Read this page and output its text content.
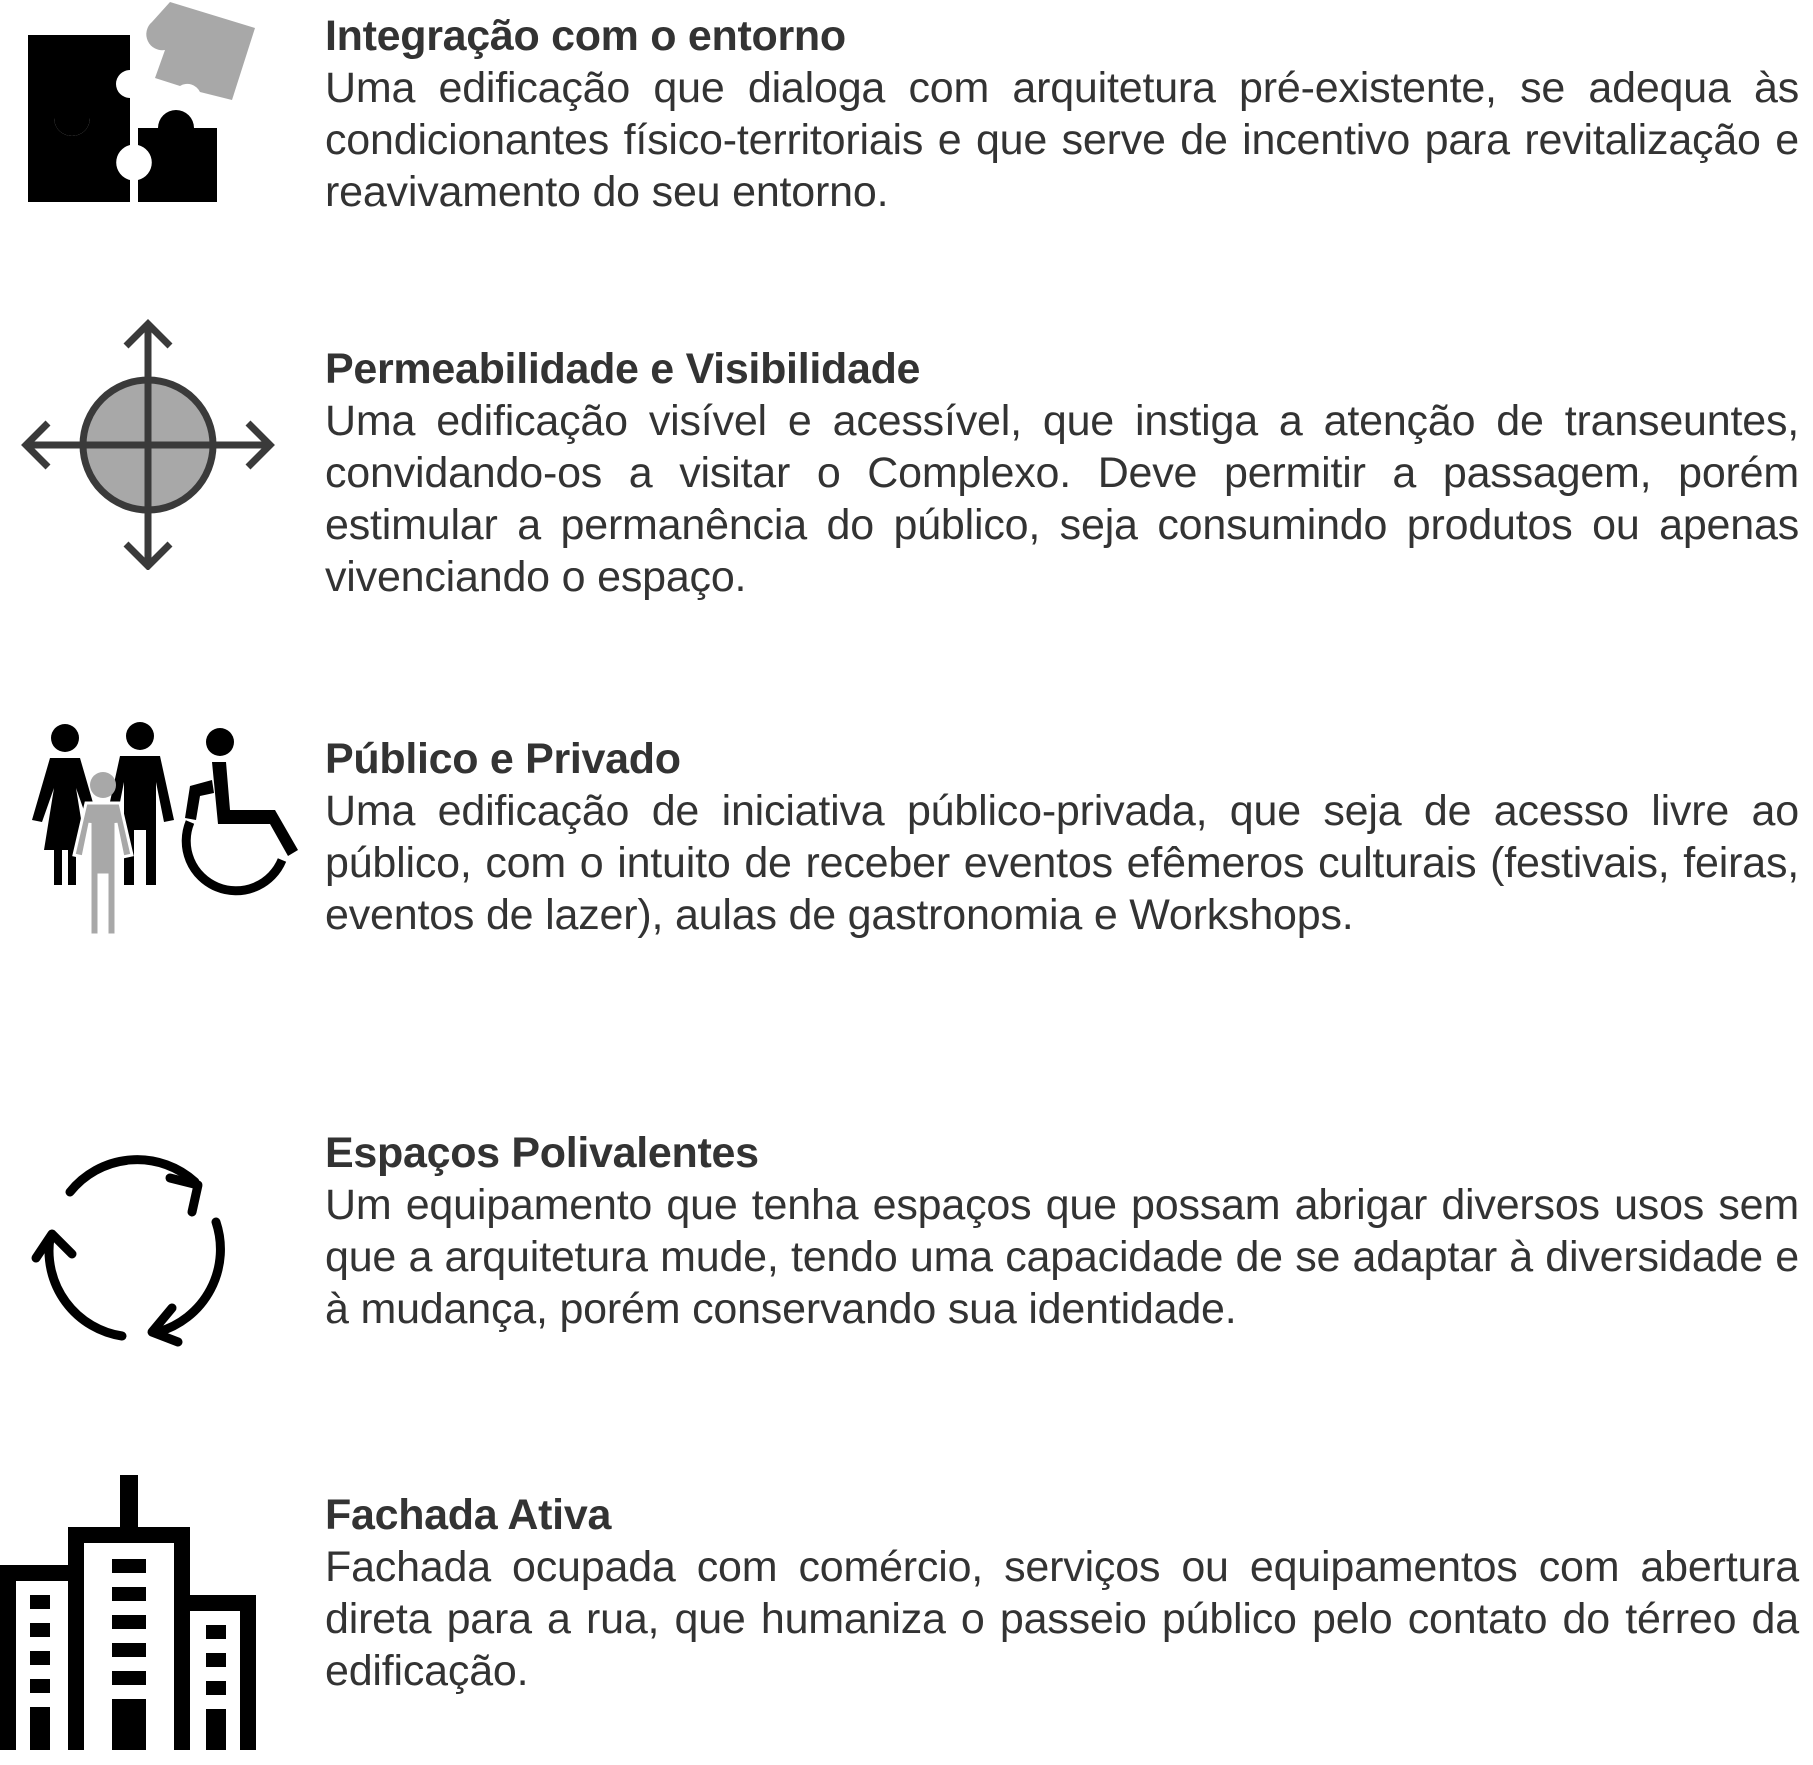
Integração com o entorno

Uma edificação que dialoga com arquitetura pré-existente, se adequa às condicionantes físico-territoriais e que serve de incentivo para revitalização e reavivamento do seu entorno.

Permeabilidade e Visibilidade

Uma edificação visível e acessível, que instiga a atenção de transeuntes, convidando-os a visitar o Complexo. Deve permitir a passagem, porém estimular a permanência do público, seja consumindo produtos ou apenas vivenciando o espaço.

Público e Privado

Uma edificação de iniciativa público-privada, que seja de acesso livre ao público, com o intuito de receber eventos efêmeros culturais (festivais, feiras, eventos de lazer), aulas de gastronomia e Workshops.

Espaços Polivalentes

Um equipamento que tenha espaços que possam abrigar diversos usos sem que a arquitetura mude, tendo uma capacidade de se adaptar à diversidade e à mudança, porém conservando sua identidade.

Fachada Ativa

Fachada ocupada com comércio, serviços ou equipamentos com abertura direta para a rua, que humaniza o passeio público pelo contato do térreo da edificação.
